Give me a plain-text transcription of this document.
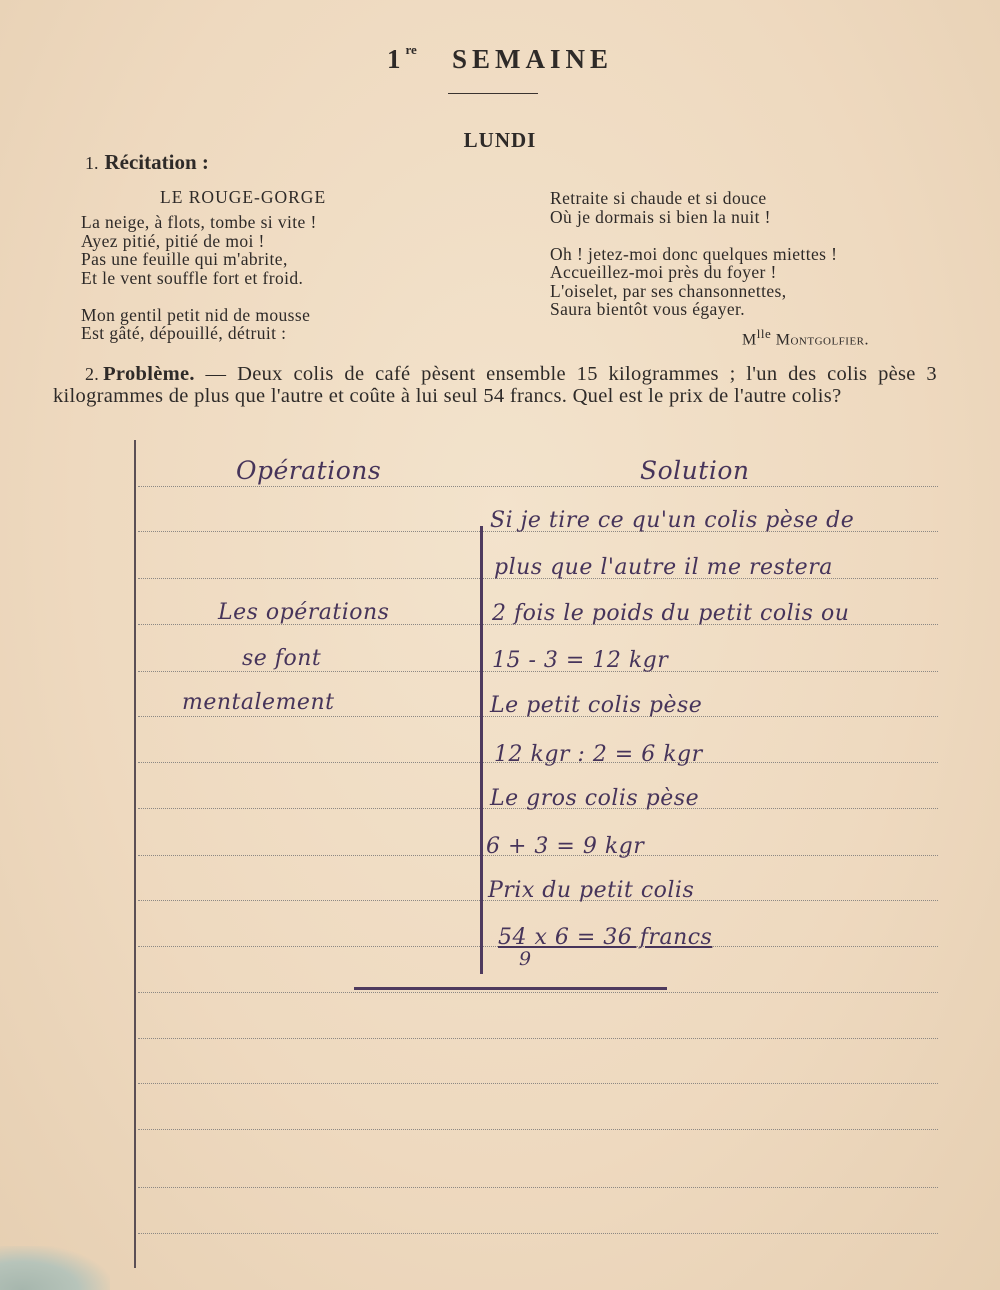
1re SEMAINE
LUNDI
1. Récitation :
LE ROUGE-GORGE
La neige, à flots, tombe si vite !
Ayez pitié, pitié de moi !
Pas une feuille qui m'abrite,
Et le vent souffle fort et froid.

Mon gentil petit nid de mousse
Est gâté, dépouillé, détruit :
Retraite si chaude et si douce
Où je dormais si bien la nuit !

Oh ! jetez-moi donc quelques miettes !
Accueillez-moi près du foyer !
L'oiselet, par ses chansonnettes,
Saura bientôt vous égayer.
$M^{lle}$ Montgolfier.
2. Problème. — Deux colis de café pèsent ensemble 15 kilogrammes ; l'un des colis pèse 3 kilogrammes de plus que l'autre et coûte à lui seul 54 francs. Quel est le prix de l'autre colis?
Opérations	Solution
Les opérations
se font
mentalement
Si je tire ce qu'un colis pèse de
plus que l'autre il me restera
2 fois le poids du petit colis ou
15 - 3 = 12 kgr
Le petit colis pèse
12 kgr : 2 = 6 kgr
Le gros colis pèse
6 + 3 = 9 kgr
Prix du petit colis
54 x 6 = 36 francs
9
